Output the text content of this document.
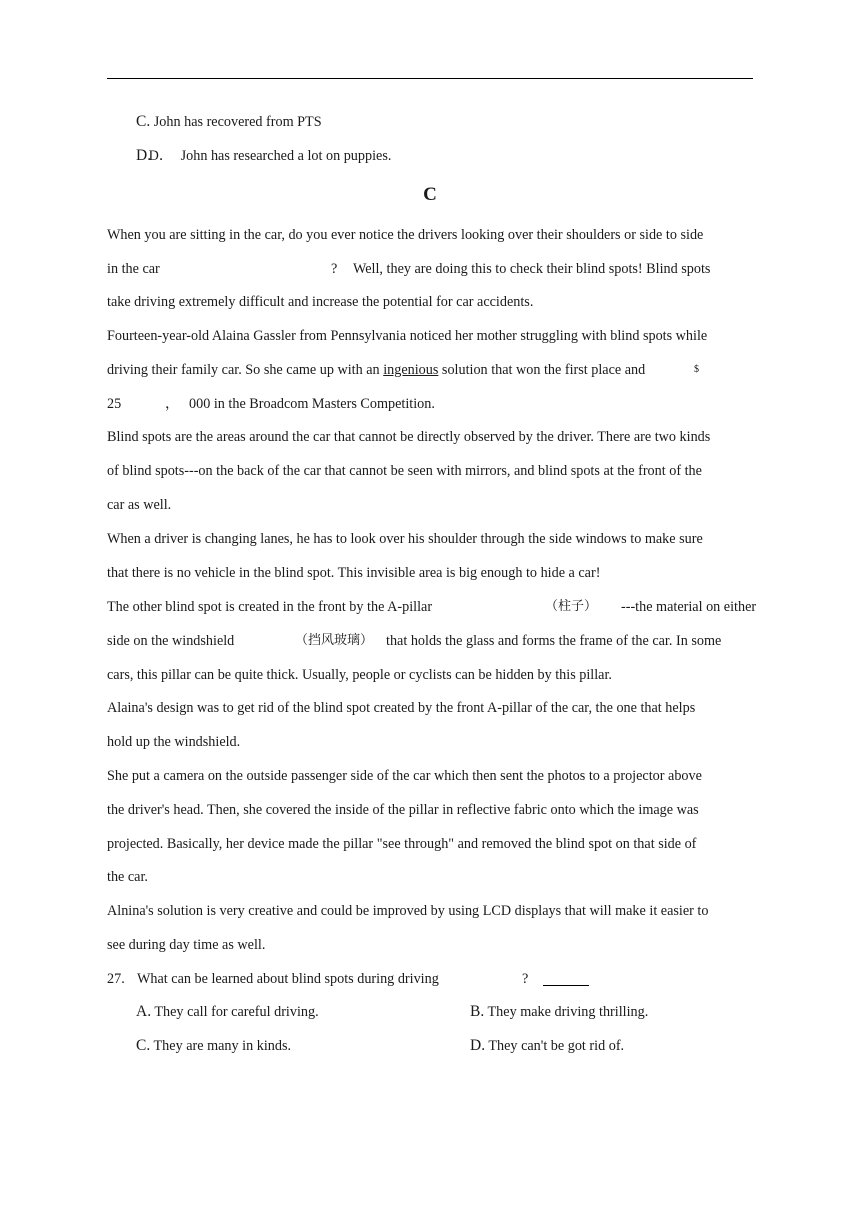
C. John has recovered from PTS
D. D． John has researched a lot on puppies.
C
When you are sitting in the car, do you ever notice the drivers looking over their shoulders or side to side
in the car	? Well, they are doing this to check their blind spots! Blind spots
take driving extremely difficult and increase the potential for car accidents.
Fourteen-year-old Alaina Gassler from Pennsylvania noticed her mother struggling with blind spots while
driving their family car. So she came up with an ingenious solution that won the first place and	$
25	， 000 in the Broadcom Masters Competition.
Blind spots are the areas around the car that cannot be directly observed by the driver. There are two kinds
of blind spots---on the back of the car that cannot be seen with mirrors, and blind spots at the front of the
car as well.
When a driver is changing lanes, he has to look over his shoulder through the side windows to make sure
that there is no vehicle in the blind spot. This invisible area is big enough to hide a car!
The other blind spot is created in the front by the A-pillar	（柱子） ---the material on either
side on the windshield	（挡风玻璃） that holds the glass and forms the frame of the car. In some
cars, this pillar can be quite thick. Usually, people or cyclists can be hidden by this pillar.
Alaina's design was to get rid of the blind spot created by the front A-pillar of the car, the one that helps
hold up the windshield.
She put a camera on the outside passenger side of the car which then sent the photos to a projector above
the driver's head. Then, she covered the inside of the pillar in reflective fabric onto which the image was
projected. Basically, her device made the pillar "see through" and removed the blind spot on that side of
the car.
Alnina's solution is very creative and could be improved by using LCD displays that will make it easier to
see during day time as well.
27. What can be learned about blind spots during driving	?
A. They call for careful driving.	B. They make driving thrilling.
C. They are many in kinds.	D. They can't be got rid of.
